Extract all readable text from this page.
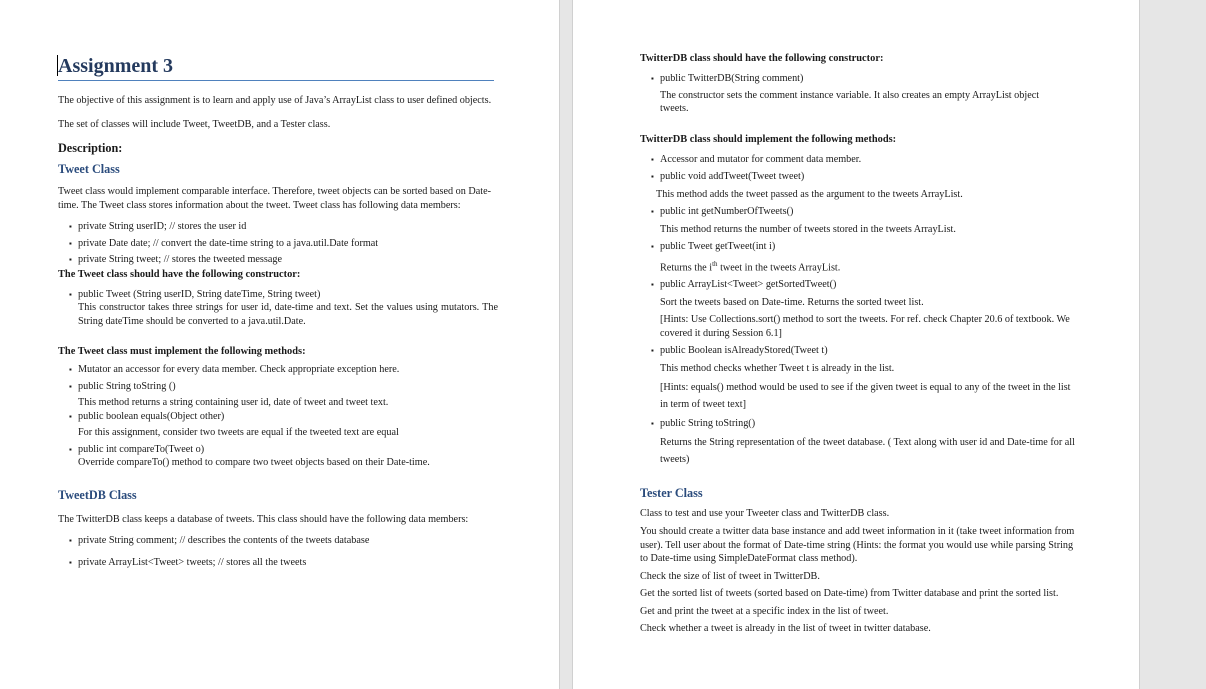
Assignment 3

The objective of this assignment is to learn and apply use of Java’s ArrayList class to user defined objects.

The set of classes will include Tweet, TweetDB, and a Tester class.

Description:
Tweet Class

Tweet class would implement comparable interface. Therefore, tweet objects can be sorted based on Date-time. The Tweet class stores information about the tweet. Tweet class has following data members:

▪ private String userID; // stores the user id
▪ private Date date; // convert the date-time string to a java.util.Date format
▪ private String tweet; // stores the tweeted message
The Tweet class should have the following constructor:
▪ public Tweet (String userID, String dateTime, String tweet)

This constructor takes three strings for user id, date-time and text. Set the values using mutators. The String dateTime should be converted to a java.util.Date.

The Tweet class must implement the following methods:
▪ Mutator an accessor for every data member. Check appropriate exception here.
▪ public String toString ()

This method returns a string containing user id, date of tweet and tweet text.

▪ public boolean equals(Object other)

For this assignment, consider two tweets are equal if the tweeted text are equal

▪ public int compareTo(Tweet o)

Override compareTo() method to compare two tweet objects based on their Date-time.

TweetDB Class

The TwitterDB class keeps a database of tweets. This class should have the following data members:

▪ private String comment; // describes the contents of the tweets database
▪ private ArrayList<Tweet> tweets; // stores all the tweets
TwitterDB class should have the following constructor:
▪ public TwitterDB(String comment)

The constructor sets the comment instance variable. It also creates an empty ArrayList object tweets.

TwitterDB class should implement the following methods:
▪ Accessor and mutator for comment data member.
▪ public void addTweet(Tweet tweet)

This method adds the tweet passed as the argument to the tweets ArrayList.

▪ public int getNumberOfTweets()

This method returns the number of tweets stored in the tweets ArrayList.

▪ public Tweet getTweet(int i)

Returns the $i^{th}$ tweet in the tweets ArrayList.

▪ public ArrayList<Tweet> getSortedTweet()

Sort the tweets based on Date-time. Returns the sorted tweet list.

[Hints: Use Collections.sort() method to sort the tweets. For ref. check Chapter 20.6 of textbook. We covered it during Session 6.1]

▪ public Boolean isAlreadyStored(Tweet t)

This method checks whether Tweet t is already in the list.

[Hints: equals() method would be used to see if the given tweet is equal to any of the tweet in the list in term of tweet text]

▪ public String toString()

Returns the String representation of the tweet database. ( Text along with user id and Date-time for all tweets)

Tester Class

Class to test and use your Tweeter class and TwitterDB class.

You should create a twitter data base instance and add tweet information in it (take tweet information from user). Tell user about the format of Date-time string (Hints: the format you would use while parsing String to Date-time using SimpleDateFormat class method).

Check the size of list of tweet in TwitterDB.

Get the sorted list of tweets (sorted based on Date-time) from Twitter database and print the sorted list.

Get and print the tweet at a specific index in the list of tweet.

Check whether a tweet is already in the list of tweet in twitter database.
